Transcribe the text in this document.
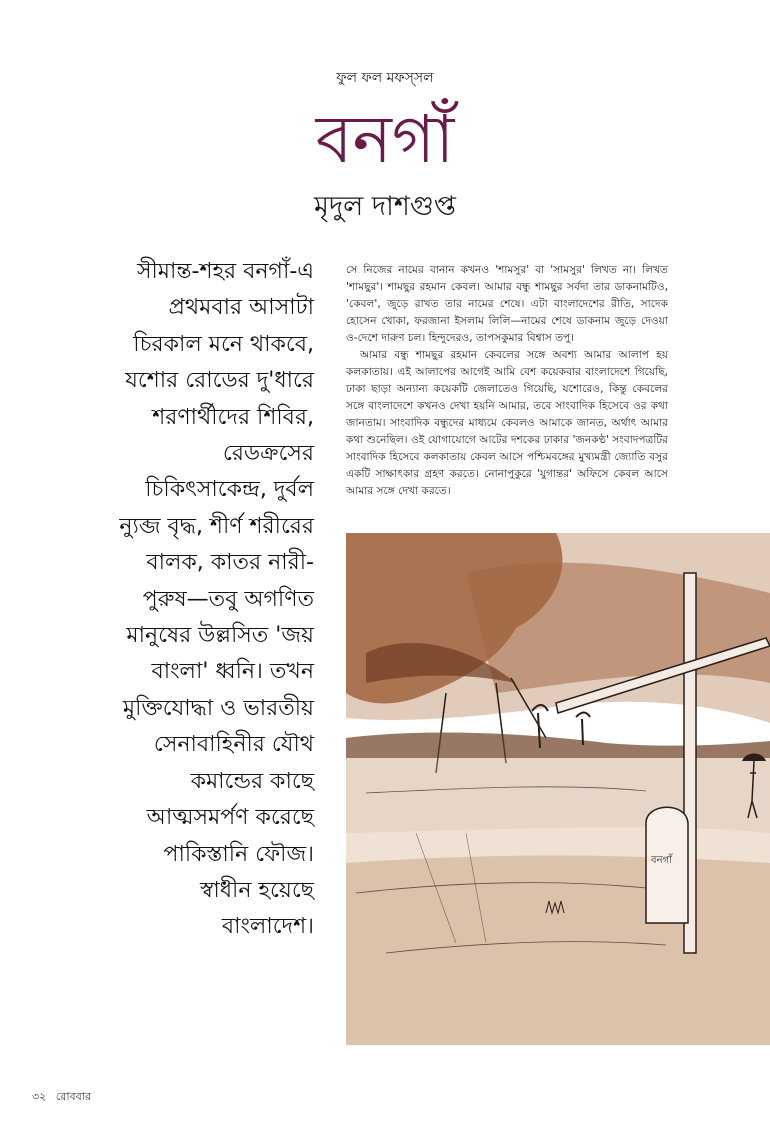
ফুল ফল মফস্‌সল
বনগাঁ
মৃদুল দাশগুপ্ত
সীমান্ত-শহর বনগাঁ-এ
প্রথমবার আসাটা
চিরকাল মনে থাকবে,
যশোর রোডের দু'ধারে
শরণার্থীদের শিবির,
রেডক্রসের
চিকিৎসাকেন্দ্র, দুর্বল
ন্যুব্জ বৃদ্ধ, শীর্ণ শরীরের
বালক, কাতর নারী-
পুরুষ—তবু অগণিত
মানুষের উল্লসিত 'জয়
বাংলা' ধ্বনি। তখন
মুক্তিযোদ্ধা ও ভারতীয়
সেনাবাহিনীর যৌথ
কমান্ডের কাছে
আত্মসমর্পণ করেছে
পাকিস্তানি ফৌজ।
স্বাধীন হয়েছে
বাংলাদেশ।

সে নিজের নামের বানান কখনও 'শামসুর' বা 'সামসুর' লিখত না। লিখত 'শামছুর'। শামছুর রহমান কেবল। আমার বন্ধু শামছুর সর্বদা তার ডাকনামটিও, 'কেবল', জুড়ে রাখত তার নামের শেষে। এটা বাংলাদেশের রীতি, সাদেক হোসেন খোকা, ফরজানা ইসলাম লিলি—নামের শেষে ডাকনাম জুড়ে দেওয়া ও-দেশে দারুণ চল। হিন্দুদেরও, তাপসকুমার বিশ্বাস তপু।

আমার বন্ধু শামছুর রহমান কেবলের সঙ্গে অবশ্য আমার আলাপ হয় কলকাতায়। এই আলাপের আগেই আমি বেশ কয়েকবার বাংলাদেশে গিয়েছি, ঢাকা ছাড়া অন্যান্য কয়েকটি জেলাতেও গিয়েছি, যশোরেও, কিন্তু কেবলের সঙ্গে বাংলাদেশে কখনও দেখা হয়নি আমার, তবে সাংবাদিক হিসেবে ওর কথা জানতাম। সাংবাদিক বন্ধুদের মাধ্যমে কেবলও আমাকে জানত, অর্থাৎ আমার কথা শুনেছিল। ওই যোগাযোগে আটের দশকের ঢাকার 'জনকণ্ঠ' সংবাদপত্রটির সাংবাদিক হিসেবে কলকাতায় কেবল আসে পশ্চিমবঙ্গের মুখ্যমন্ত্রী জ্যোতি বসুর একটি সাক্ষাৎকার গ্রহণ করতে। নোনাপুকুরে 'যুগান্তর' অফিসে কেবল আসে আমার সঙ্গে দেখা করতে।

বনগাঁ
৩২ রোববার
